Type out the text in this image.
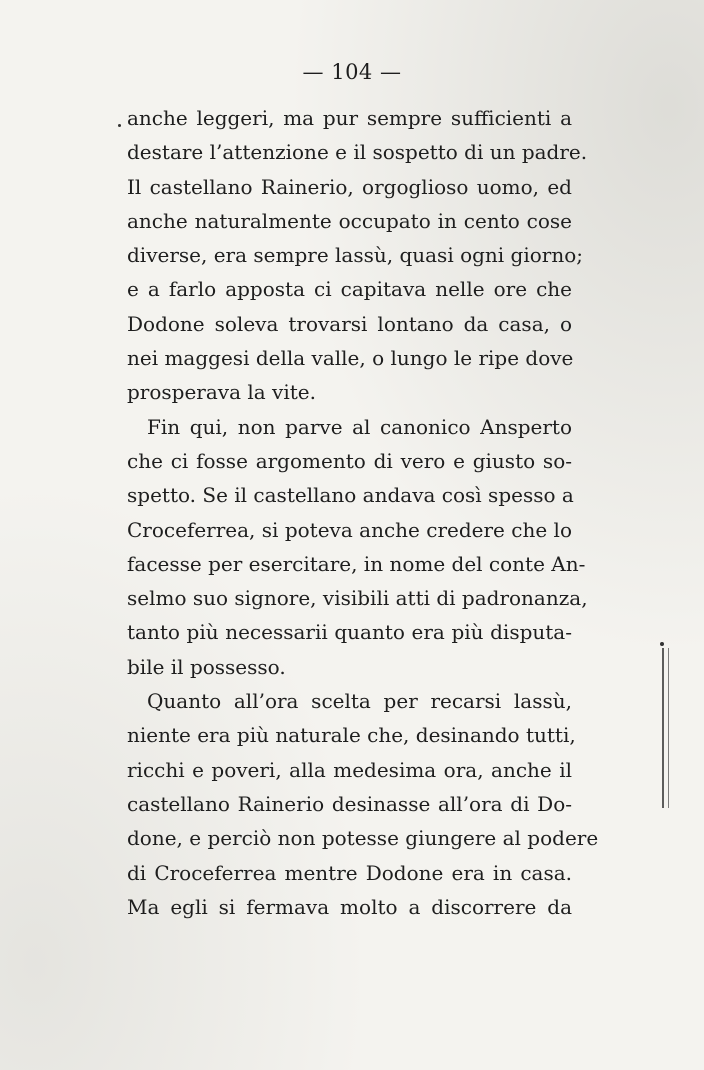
— 104 —
anche leggeri, ma pur sempre sufficienti a
destare l’attenzione e il sospetto di un padre.
Il castellano Rainerio, orgoglioso uomo, ed
anche naturalmente occupato in cento cose
diverse, era sempre lassù, quasi ogni giorno;
e a farlo apposta ci capitava nelle ore che
Dodone soleva trovarsi lontano da casa, o
nei maggesi della valle, o lungo le ripe dove
prosperava la vite.
Fin qui, non parve al canonico Ansperto
che ci fosse argomento di vero e giusto so-
spetto. Se il castellano andava così spesso a
Croceferrea, si poteva anche credere che lo
facesse per esercitare, in nome del conte An-
selmo suo signore, visibili atti di padronanza,
tanto più necessarii quanto era più disputa-
bile il possesso.
Quanto all’ora scelta per recarsi lassù,
niente era più naturale che, desinando tutti,
ricchi e poveri, alla medesima ora, anche il
castellano Rainerio desinasse all’ora di Do-
done, e perciò non potesse giungere al podere
di Croceferrea mentre Dodone era in casa.
Ma egli si fermava molto a discorrere da
